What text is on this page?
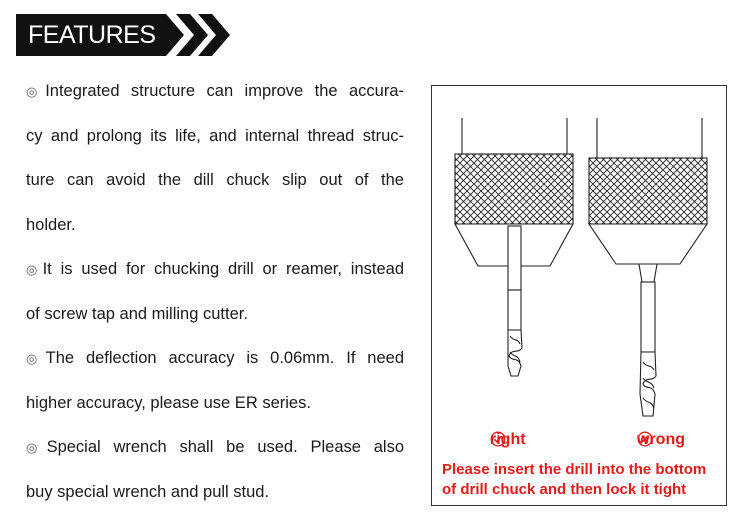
FEATURES
◎Integrated structure can improve the accura-
cy and prolong its life, and internal thread struc-
ture can avoid the dill chuck slip out of the
holder.
◎It is used for chucking drill or reamer, instead
of screw tap and milling cutter.
◎The deflection accuracy is 0.06mm. If need
higher accuracy, please use ER series.
◎Special wrench shall be used. Please also
buy special wrench and pull stud.
right	wrong
Please insert the drill into the bottom
of drill chuck and then lock it tight
